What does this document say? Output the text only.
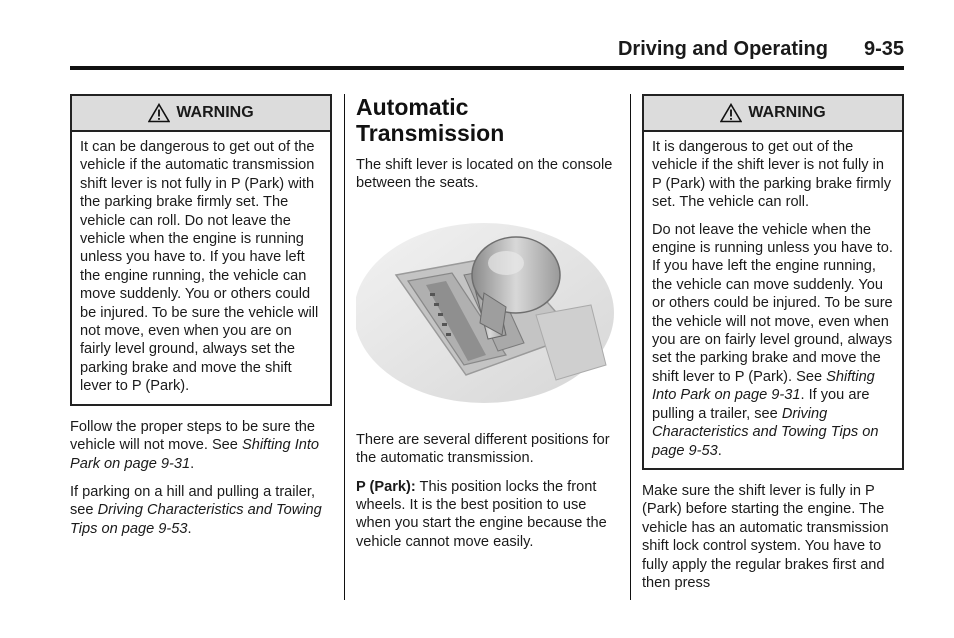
Driving and Operating 9-35
WARNING

It can be dangerous to get out of the vehicle if the automatic transmission shift lever is not fully in P (Park) with the parking brake firmly set. The vehicle can roll. Do not leave the vehicle when the engine is running unless you have to. If you have left the engine running, the vehicle can move suddenly. You or others could be injured. To be sure the vehicle will not move, even when you are on fairly level ground, always set the parking brake and move the shift lever to P (Park).

Follow the proper steps to be sure the vehicle will not move. See Shifting Into Park on page 9-31.

If parking on a hill and pulling a trailer, see Driving Characteristics and Towing Tips on page 9-53.

Automatic Transmission

The shift lever is located on the console between the seats.

There are several different positions for the automatic transmission.

P (Park): This position locks the front wheels. It is the best position to use when you start the engine because the vehicle cannot move easily.

WARNING

It is dangerous to get out of the vehicle if the shift lever is not fully in P (Park) with the parking brake firmly set. The vehicle can roll.

Do not leave the vehicle when the engine is running unless you have to. If you have left the engine running, the vehicle can move suddenly. You or others could be injured. To be sure the vehicle will not move, even when you are on fairly level ground, always set the parking brake and move the shift lever to P (Park). See Shifting Into Park on page 9-31. If you are pulling a trailer, see Driving Characteristics and Towing Tips on page 9-53.

Make sure the shift lever is fully in P (Park) before starting the engine. The vehicle has an automatic transmission shift lock control system. You have to fully apply the regular brakes first and then press
